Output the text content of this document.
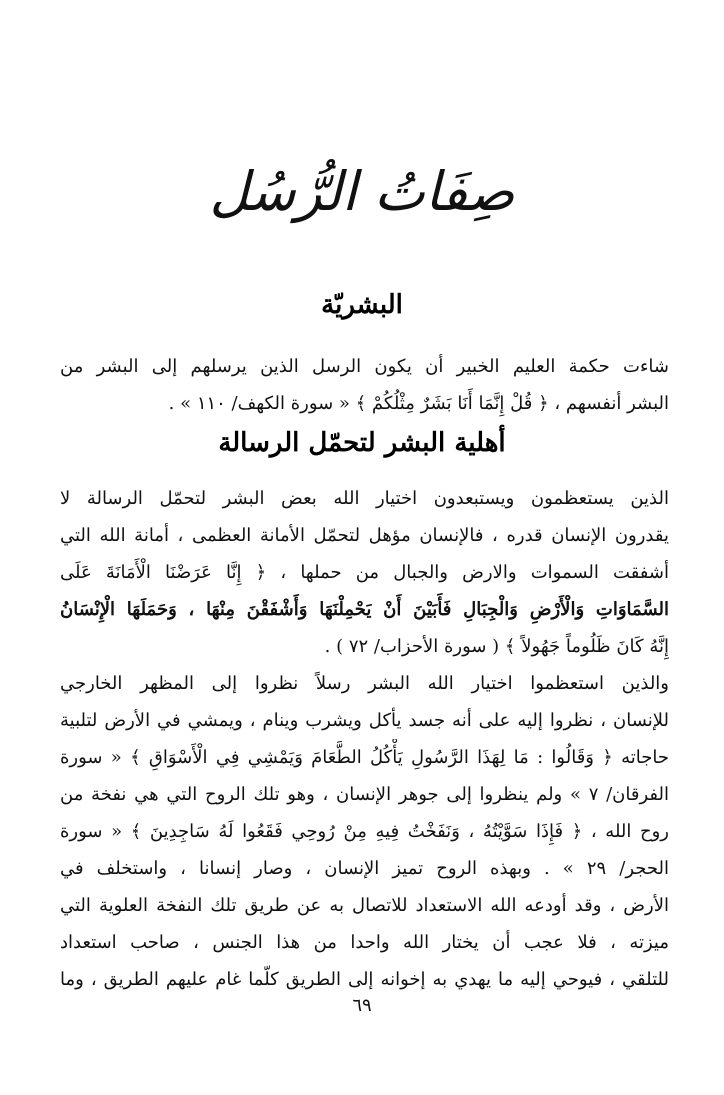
صِفَاتُ الرُّسُل
البشريّة
شاءت حكمة العليم الخبير أن يكون الرسل الذين يرسلهم إلى البشر من
البشر أنفسهم ، ﴿ قُلْ إِنَّمَا أَنَا بَشَرٌ مِثْلُكُمْ ﴾ « سورة الكهف/ ١١٠ » .
أهلية البشر لتحمّل الرسالة
الذين يستعظمون ويستبعدون اختيار الله بعض البشر لتحمّل الرسالة لا
يقدرون الإنسان قدره ، فالإنسان مؤهل لتحمّل الأمانة العظمى ، أمانة الله التي
أشفقت السموات والارض والجبال من حملها ، ﴿ إِنَّا عَرَضْنَا الْأَمَانَةَ عَلَى
السَّمَاوَاتِ وَالْأَرْضِ وَالْجِبَالِ فَأَبَيْنَ أَنْ يَحْمِلْنَهَا وَأَشْفَقْنَ مِنْهَا ، وَحَمَلَهَا الْإِنْسَانُ
إِنَّهُ كَانَ ظَلُوماً جَهُولاً ﴾ ( سورة الأحزاب/ ٧٢ ) .
والذين استعظموا اختيار الله البشر رسلاً نظروا إلى المظهر الخارجي
للإنسان ، نظروا إليه على أنه جسد يأكل ويشرب وينام ، ويمشي في الأرض لتلبية
حاجاته ﴿ وَقَالُوا : مَا لِهَذَا الرَّسُولِ يَأْكُلُ الطَّعَامَ وَيَمْشِي فِي الْأَسْوَاقِ ﴾ « سورة
الفرقان/ ٧ » ولم ينظروا إلى جوهر الإنسان ، وهو تلك الروح التي هي نفخة من
روح الله ، ﴿ فَإِذَا سَوَّيْتُهُ ، وَنَفَخْتُ فِيهِ مِنْ رُوحِي فَقَعُوا لَهُ سَاجِدِينَ ﴾ « سورة
الحجر/ ٢٩ » . وبهذه الروح تميز الإنسان ، وصار إنسانا ، واستخلف في
الأرض ، وقد أودعه الله الاستعداد للاتصال به عن طريق تلك النفخة العلوية التي
ميزته ، فلا عجب أن يختار الله واحدا من هذا الجنس ، صاحب استعداد
للتلقي ، فيوحي إليه ما يهدي به إخوانه إلى الطريق كلّما غام عليهم الطريق ، وما
٦٩
